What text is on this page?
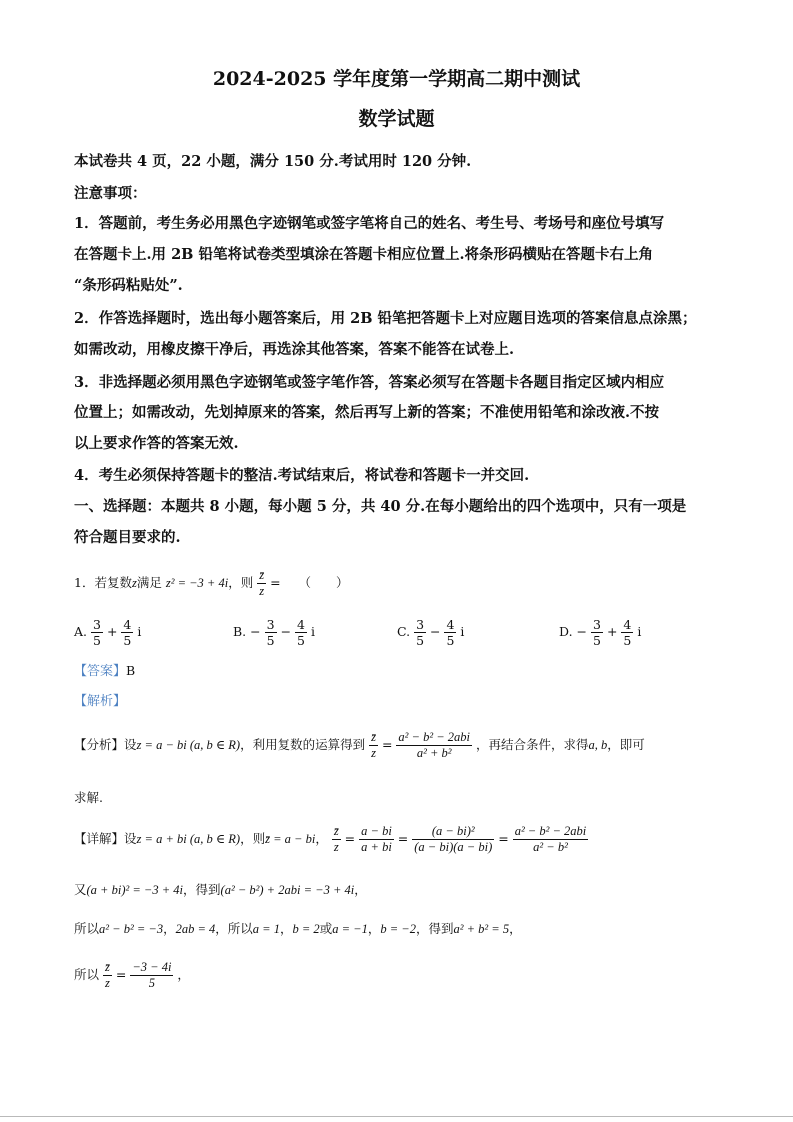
2024-2025 学年度第一学期高二期中测试
数学试题
本试卷共 4 页，22 小题，满分 150 分.考试用时 120 分钟.
注意事项：
1．答题前，考生务必用黑色字迹钢笔或签字笔将自己的姓名、考生号、考场号和座位号填写
在答题卡上.用 2B 铅笔将试卷类型填涂在答题卡相应位置上.将条形码横贴在答题卡右上角
“条形码粘贴处”.
2．作答选择题时，选出每小题答案后，用 2B 铅笔把答题卡上对应题目选项的答案信息点涂黑；
如需改动，用橡皮擦干净后，再选涂其他答案，答案不能答在试卷上.
3．非选择题必须用黑色字迹钢笔或签字笔作答，答案必须写在答题卡各题目指定区域内相应
位置上；如需改动，先划掉原来的答案，然后再写上新的答案；不准使用铅笔和涂改液.不按
以上要求作答的答案无效.
4．考生必须保持答题卡的整洁.考试结束后，将试卷和答题卡一并交回.
一、选择题：本题共 8 小题，每小题 5 分，共 40 分.在每小题给出的四个选项中，只有一项是
符合题目要求的.
1．若复数z满足 z² = −3 + 4i，则 $\frac{z̄}{z}$ = （　　）
A. $\frac{3}{5} + \frac{4}{5}$ i	B. − $\frac{3}{5} - \frac{4}{5}$ i	C. $\frac{3}{5} - \frac{4}{5}$ i	D. − $\frac{3}{5} + \frac{4}{5}$ i
【答案】B
【解析】
【分析】设z = a − bi (a, b ∈ R)，利用复数的运算得到 $\frac{z̄}{z} = \frac{\text{a² − b² − 2abi}}{\text{a² + b²}}$ ，再结合条件，求得a, b，即可
求解.
【详解】设z = a + bi (a, b ∈ R)，则z̄ = a − bi， $\frac{z̄}{z} = \frac{a - bi}{a + bi} = \frac{\text{(a − bi)²}}{(a - bi)(a - bi)} = \frac{\text{a² − b² − 2abi}}{\text{a² − b²}}$
又(a + bi)² = −3 + 4i，得到(a² − b²) + 2abi = −3 + 4i，
所以a² − b² = −3，2ab = 4，所以a = 1，b = 2或a = −1，b = −2，得到a² + b² = 5，
所以 $\frac{z̄}{z} = \frac{-3 - 4i}{5}$ ，
